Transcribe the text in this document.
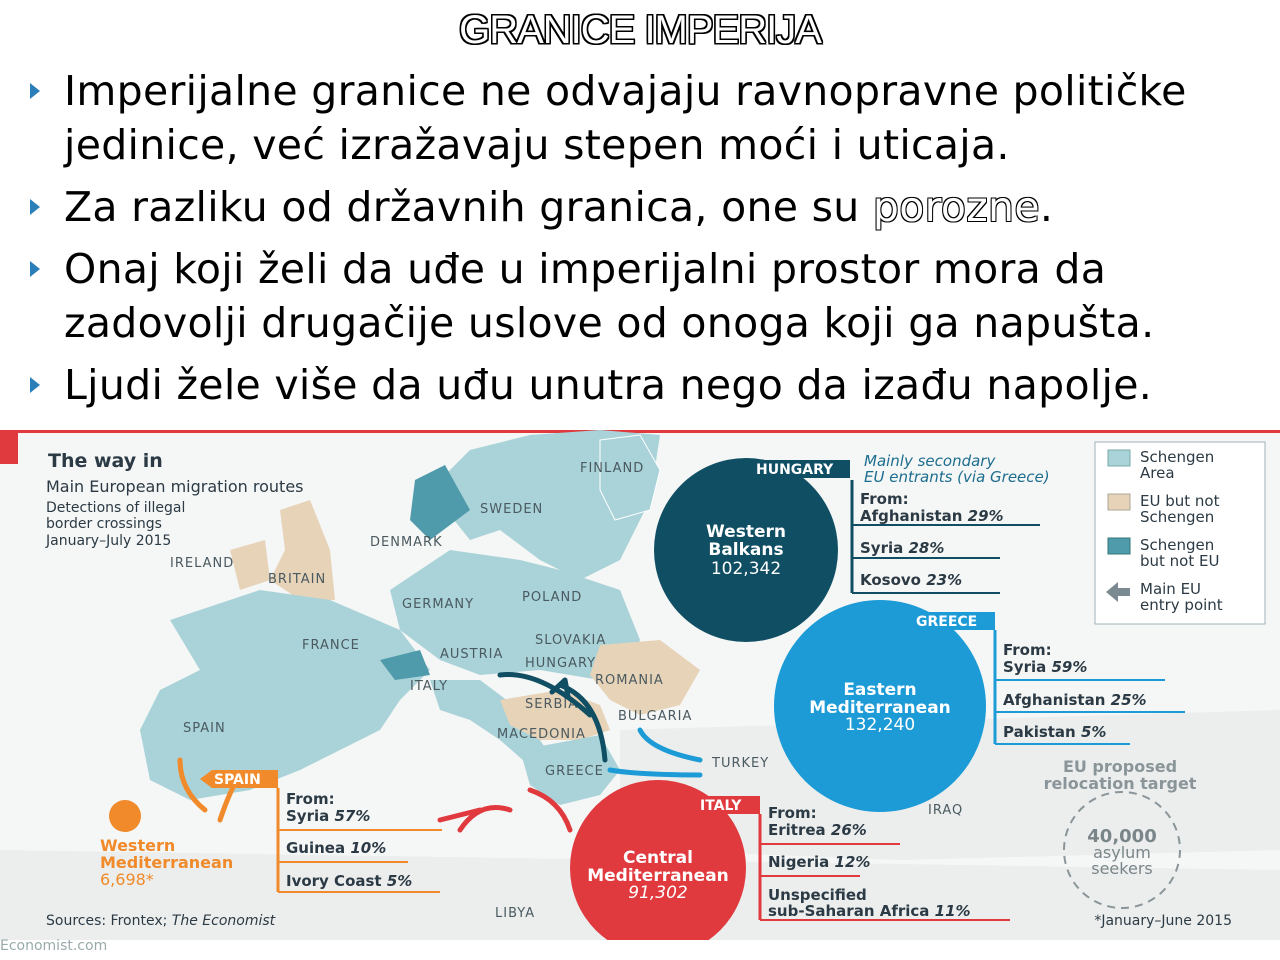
GRANICE IMPERIJA
Imperijalne granice ne odvajaju ravnopravne političke jedinice, već izražavaju stepen moći i uticaja.
Za razliku od državnih granica, one su porozne.
Onaj koji želi da uđe u imperijalni prostor mora da zadovolji drugačije uslove od onoga koji ga napušta.
Ljudi žele više da uđu unutra nego da izađu napolje.
Schengen
Area
EU but not
Schengen
Schengen
but not EU
Main EU
entry point
The way in
Main European migration routes
Detections of illegal
border crossings
January–July 2015
FINLAND
SWEDEN
DENMARK
IRELAND
BRITAIN
GERMANY	POLAND
FRANCE
AUSTRIA
SLOVAKIA
HUNGARY
ROMANIA
ITALY
SERBIA
BULGARIA
SPAIN	MACEDONIA
GREECE
TURKEY
IRAQ
LIBYA
Western
Balkans
102,342
HUNGARY Mainly secondary
EU entrants (via Greece)
From:
Afghanistan 29%
Syria 28%
Kosovo 23%
Eastern
Mediterranean
132,240
GREECE
From:
Syria 59%
Afghanistan 25%
Pakistan 5%
Central
Mediterranean
91,302
ITALY From:
Eritrea 26%
Nigeria 12%
Unspecified
sub-Saharan Africa 11%
Western
Mediterranean
6,698*
SPAIN
From:
Syria 57%
Guinea 10%
Ivory Coast 5%
EU proposed
relocation target
40,000
asylum
seekers
Sources: Frontex; The Economist	*January–June 2015
Economist.com
